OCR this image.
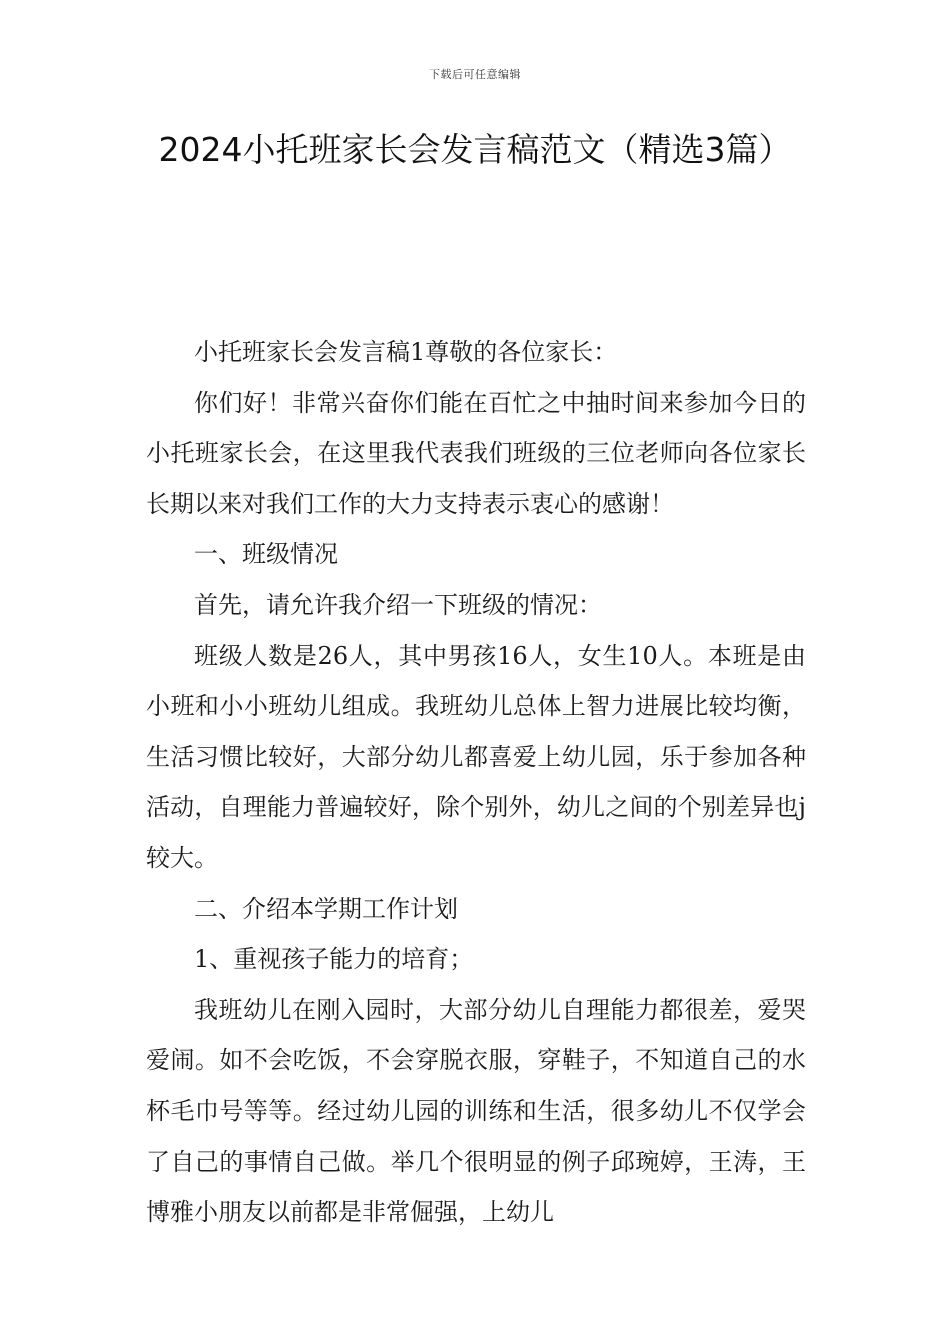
下载后可任意编辑
2024小托班家长会发言稿范文（精选3篇）

小托班家长会发言稿1尊敬的各位家长：

你们好！非常兴奋你们能在百忙之中抽时间来参加今日的小托班家长会，在这里我代表我们班级的三位老师向各位家长长期以来对我们工作的大力支持表示衷心的感谢！

一、班级情况

首先，请允许我介绍一下班级的情况：

班级人数是26人，其中男孩16人，女生10人。本班是由小班和小小班幼儿组成。我班幼儿总体上智力进展比较均衡，生活习惯比较好，大部分幼儿都喜爱上幼儿园，乐于参加各种活动，自理能力普遍较好，除个别外，幼儿之间的个别差异也j较大。

二、介绍本学期工作计划

1、重视孩子能力的培育；

我班幼儿在刚入园时，大部分幼儿自理能力都很差，爱哭爱闹。如不会吃饭，不会穿脱衣服，穿鞋子，不知道自己的水杯毛巾号等等。经过幼儿园的训练和生活，很多幼儿不仅学会了自己的事情自己做。举几个很明显的例子邱琬婷，王涛，王博雅小朋友以前都是非常倔强，上幼儿
